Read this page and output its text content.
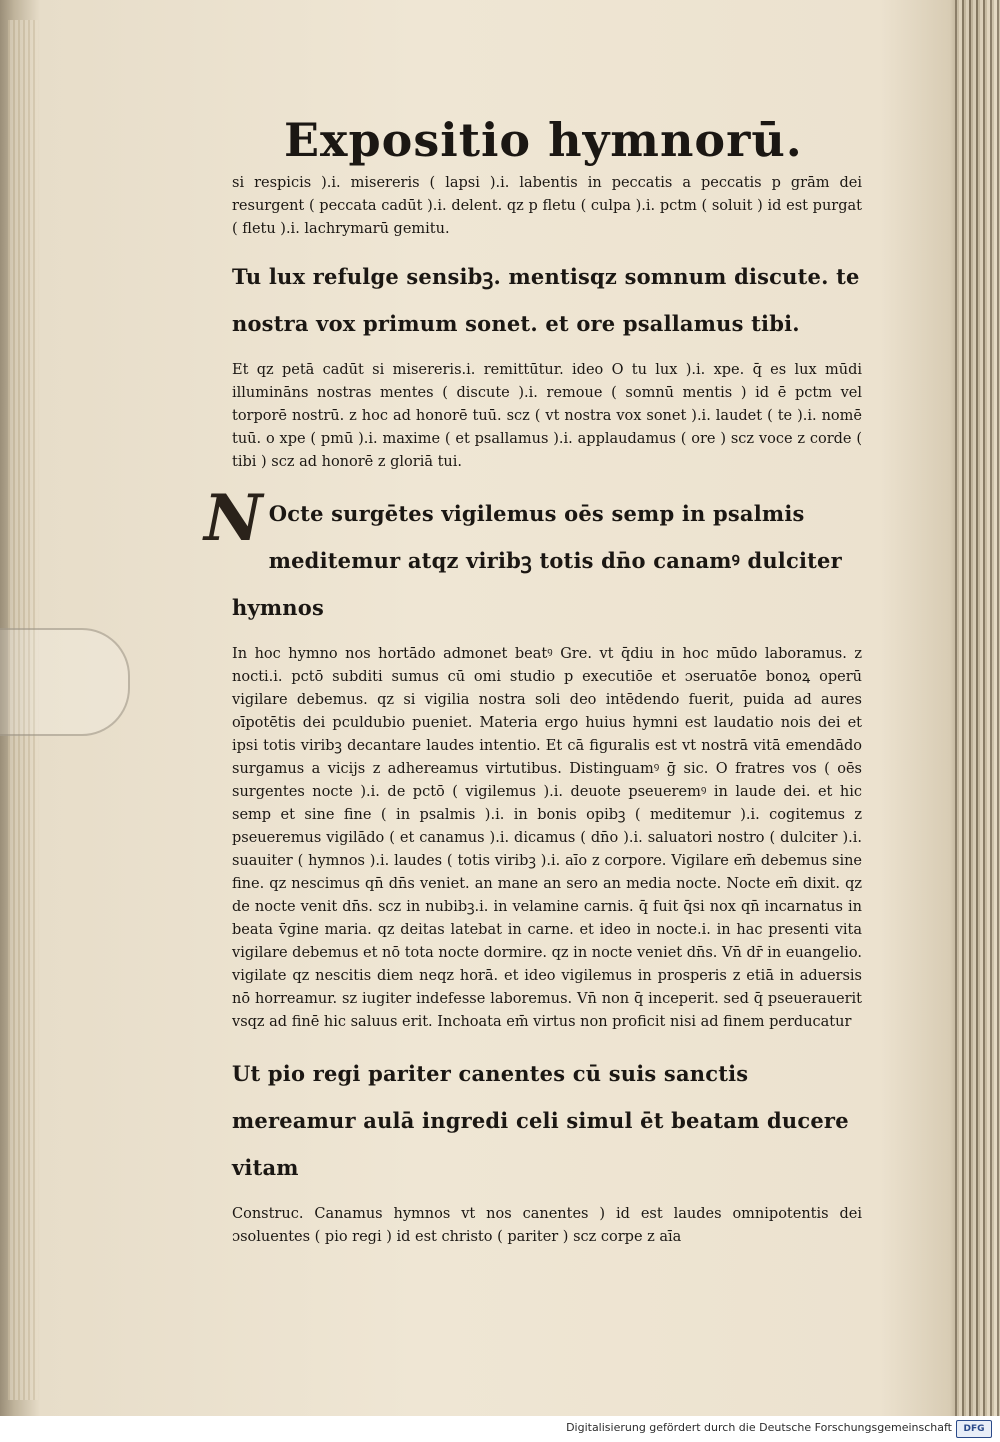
Expositio hymnorū.

si respicis ).i. misereris ( lapsi ).i. labentis in peccatis a peccatis p grām dei resurgent ( peccata cadūt ).i. delent. qz p fletu ( culpa ).i. pctm ( soluit ) id est purgat ( fletu ).i. lachrymarū gemitu.

Tu lux refulge sensibꝫ. mentisqz somnum discute. te nostra vox primum sonet. et ore psallamus tibi.

Et qz petā cadūt si misereris.i. remittūtur. ideo O tu lux ).i. xpe. q̄ es lux mūdi illumināns nostras mentes ( discute ).i. remoue ( somnū mentis ) id ē pctm vel torporē nostrū. z hoc ad honorē tuū. scz ( vt nostra vox sonet ).i. laudet ( te ).i. nomē tuū. o xpe ( pmū ).i. maxime ( et psallamus ).i. applaudamus ( ore ) scz voce z corde ( tibi ) scz ad honorē z gloriā tui.

N Octe surgētes vigilemus oēs semp in psalmis meditemur atqz viribꝫ totis dn̄o canamꝰ dulciter hymnos

In hoc hymno nos hortādo admonet beatꝰ Gre. vt q̄diu in hoc mūdo laboramus. z nocti.i. pctō subditi sumus cū omi studio p executiōe et ɔseruatōe bonoꝝ operū vigilare debemus. qz si vigilia nostra soli deo intēdendo fuerit, puida ad aures oīpotētis dei pculdubio pueniet. Materia ergo huius hymni est laudatio nois dei et ipsi totis viribꝫ decantare laudes intentio. Et cā figuralis est vt nostrā vitā emendādo surgamus a vicijs z adhereamus virtutibus. Distinguamꝰ ḡ sic. O fratres vos ( oēs surgentes nocte ).i. de pctō ( vigilemus ).i. deuote pseueremꝰ in laude dei. et hic semp et sine fine ( in psalmis ).i. in bonis opibꝫ ( meditemur ).i. cogitemus z pseueremus vigilādo ( et canamus ).i. dicamus ( dn̄o ).i. saluatori nostro ( dulciter ).i. suauiter ( hymnos ).i. laudes ( totis viribꝫ ).i. aīo z corpore. Vigilare em̄ debemus sine fine. qz nescimus qn̄ dn̄s veniet. an mane an sero an media nocte. Nocte em̄ dixit. qz de nocte venit dn̄s. scz in nubibꝫ.i. in velamine carnis. q̄ fuit q̄si nox qn̄ incarnatus in beata v̄gine maria. qz deitas latebat in carne. et ideo in nocte.i. in hac presenti vita vigilare debemus et nō tota nocte dormire. qz in nocte veniet dn̄s. Vn̄ dr̄ in euangelio. vigilate qz nescitis diem neqz horā. et ideo vigilemus in prosperis z etiā in aduersis nō horreamur. sz iugiter indefesse laboremus. Vn̄ non q̄ inceperit. sed q̄ pseuerauerit vsqz ad finē hic saluus erit. Inchoata em̄ virtus non proficit nisi ad finem perducatur

Ut pio regi pariter canentes cū suis sanctis mereamur aulā ingredi celi simul ēt beatam ducere vitam

Construc. Canamus hymnos vt nos canentes ) id est laudes omnipotentis dei ɔsoluentes ( pio regi ) id est christo ( pariter ) scz corpe z aīa

Digitalisierung gefördert durch die Deutsche Forschungsgemeinschaft	DFG
